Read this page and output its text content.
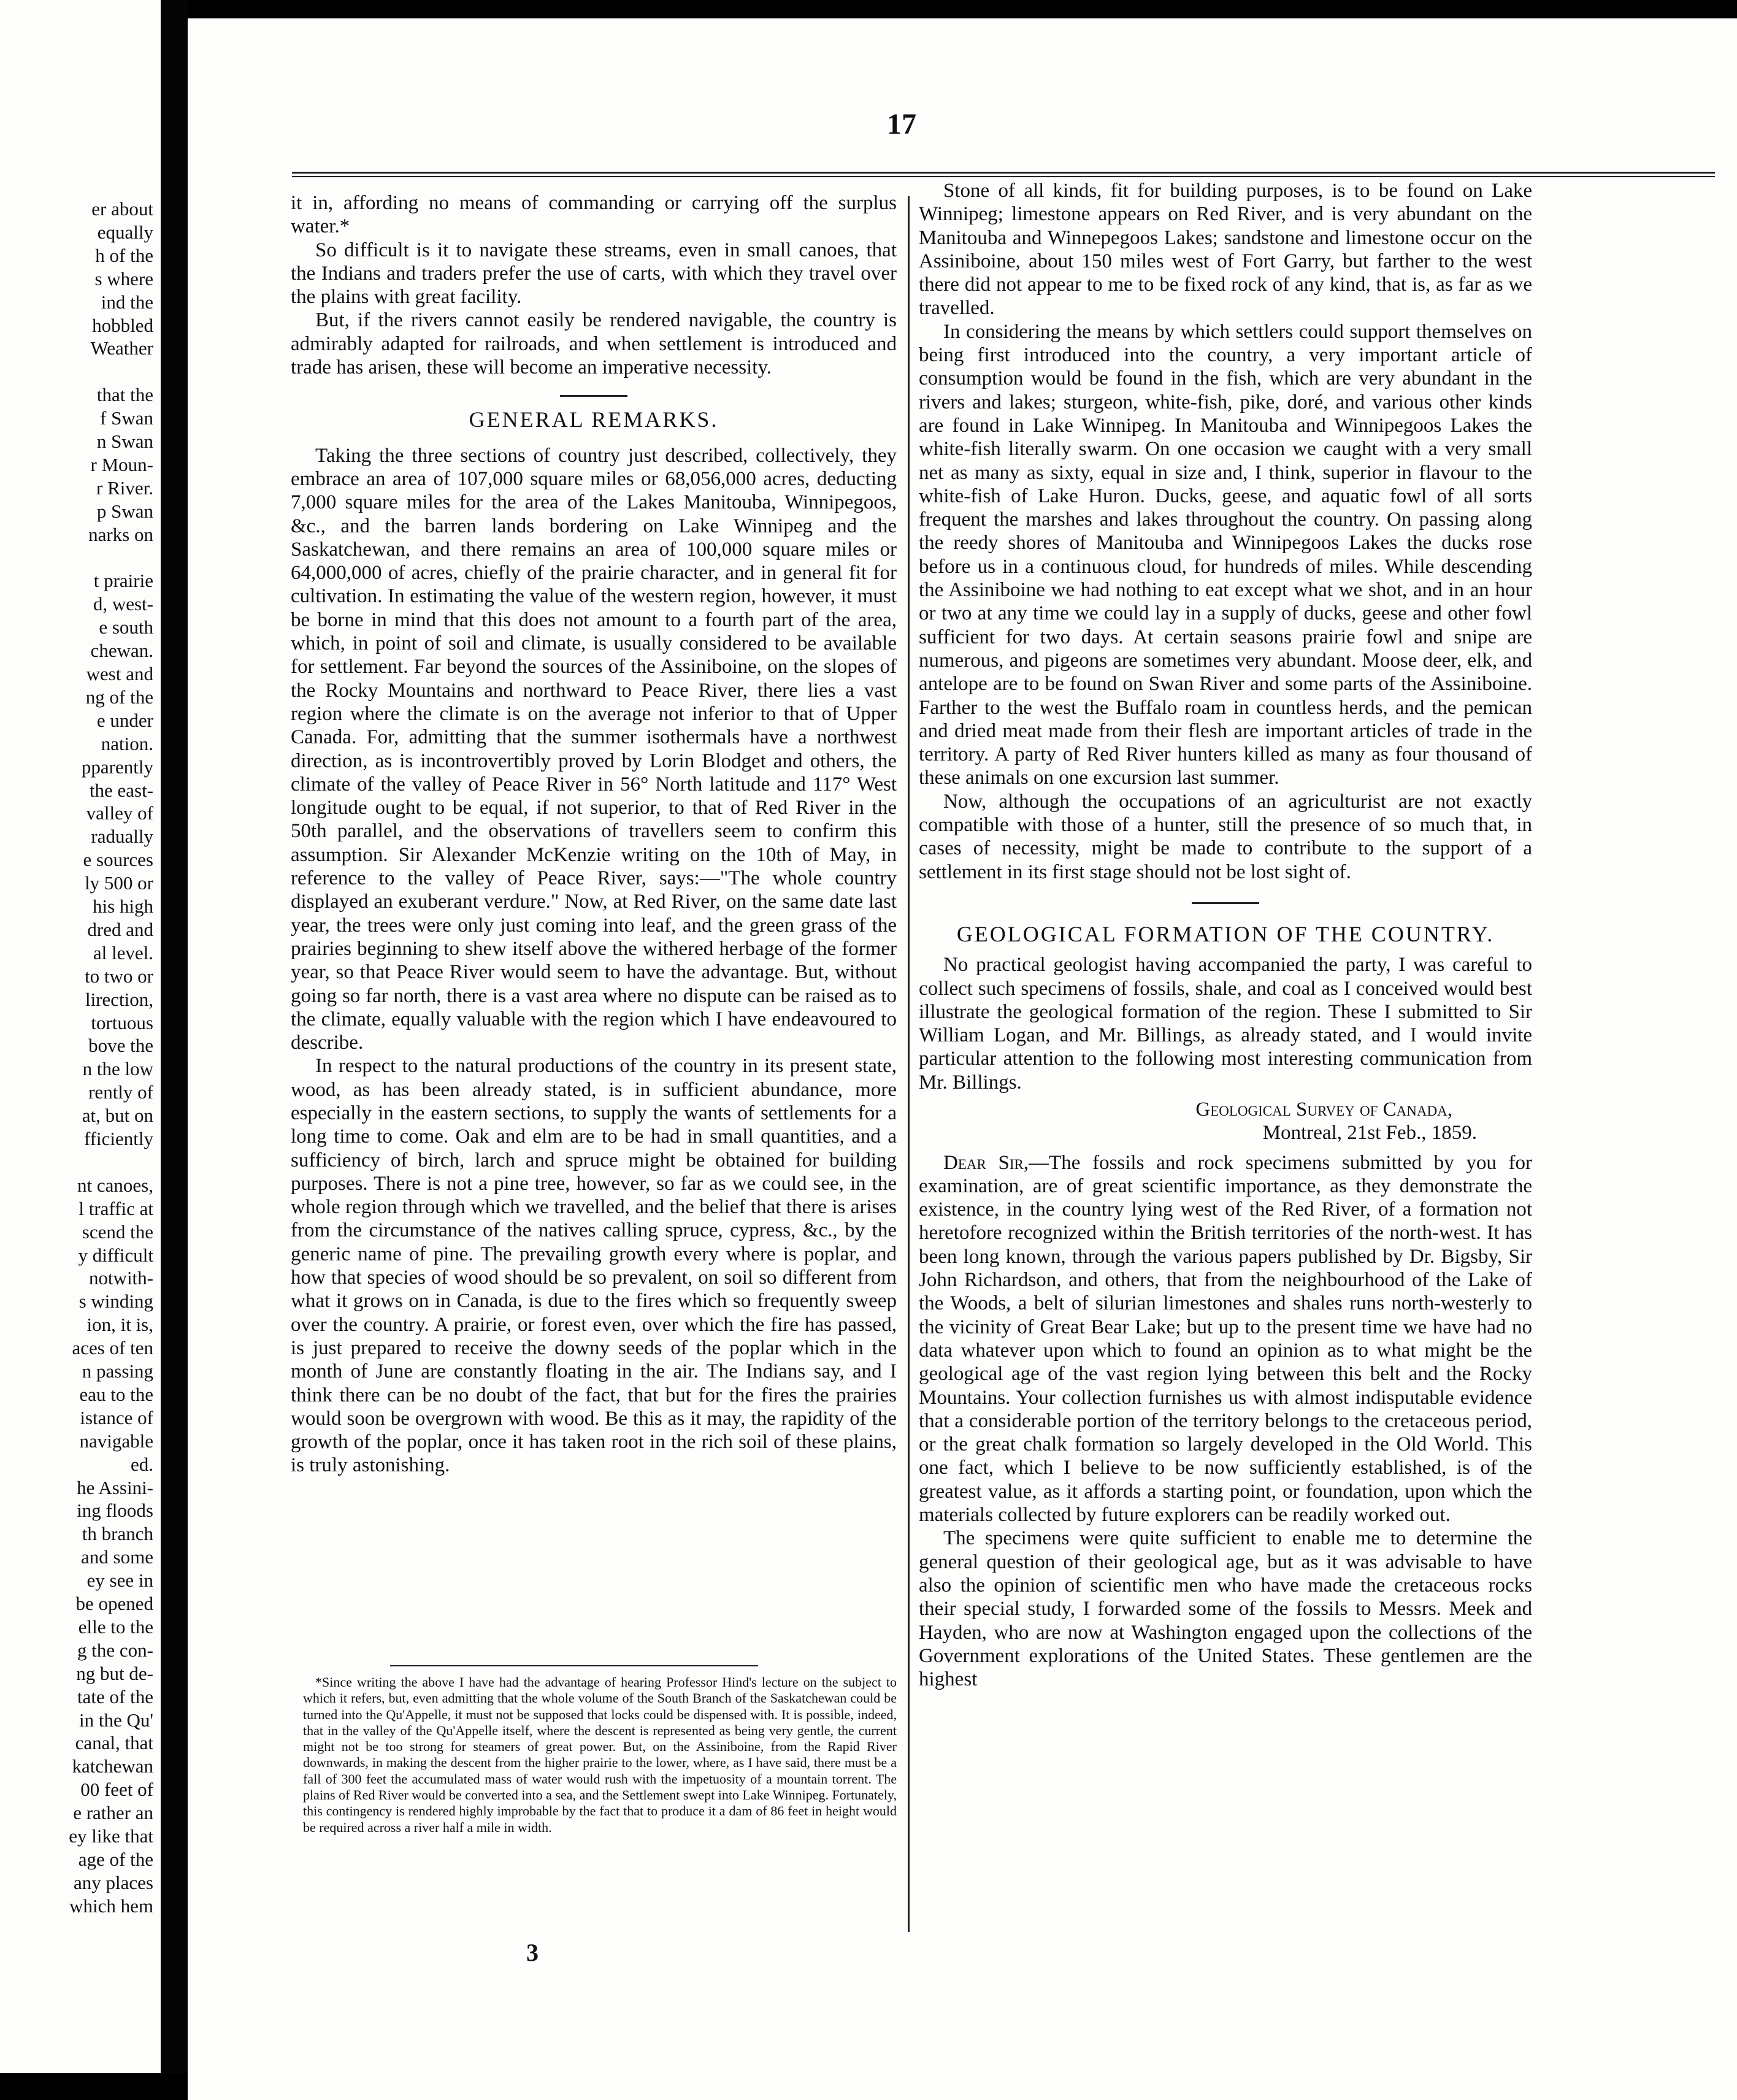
er about
equally
h of the
s where
ind the
hobbled
Weather
that the
f Swan
n Swan
r Moun-
r River.
p Swan
narks on
t prairie
d, west-
e south
chewan.
west and
ng of the
e under
nation.
pparently
the east-
valley of
radually
e sources
ly 500 or
his high
dred and
al level.
to two or
lirection,
tortuous
bove the
n the low
rently of
at, but on
fficiently
nt canoes,
l traffic at
scend the
y difficult
notwith-
s winding
ion, it is,
aces of ten
n passing
eau to the
istance of
navigable
ed.
he Assini-
ing floods
th branch
and some
ey see in
be opened
elle to the
g the con-
ng but de-
tate of the
in the Qu'
canal, that
katchewan
00 feet of
e rather an
ey like that
age of the
any places
which hem
17

it in, affording no means of commanding or carrying off the surplus water.*

So difficult is it to navigate these streams, even in small canoes, that the Indians and traders prefer the use of carts, with which they travel over the plains with great facility.

But, if the rivers cannot easily be rendered navigable, the country is admirably adapted for railroads, and when settlement is introduced and trade has arisen, these will become an imperative necessity.

GENERAL REMARKS.

Taking the three sections of country just described, collectively, they embrace an area of 107,000 square miles or 68,056,000 acres, deducting 7,000 square miles for the area of the Lakes Manitouba, Winnipegoos, &c., and the barren lands bordering on Lake Winnipeg and the Saskatchewan, and there remains an area of 100,000 square miles or 64,000,000 of acres, chiefly of the prairie character, and in general fit for cultivation. In estimating the value of the western region, however, it must be borne in mind that this does not amount to a fourth part of the area, which, in point of soil and climate, is usually considered to be available for settlement. Far beyond the sources of the Assiniboine, on the slopes of the Rocky Mountains and northward to Peace River, there lies a vast region where the climate is on the average not inferior to that of Upper Canada. For, admitting that the summer isothermals have a northwest direction, as is incontrovertibly proved by Lorin Blodget and others, the climate of the valley of Peace River in 56° North latitude and 117° West longitude ought to be equal, if not superior, to that of Red River in the 50th parallel, and the observations of travellers seem to confirm this assumption. Sir Alexander McKenzie writing on the 10th of May, in reference to the valley of Peace River, says:—"The whole country displayed an exuberant verdure." Now, at Red River, on the same date last year, the trees were only just coming into leaf, and the green grass of the prairies beginning to shew itself above the withered herbage of the former year, so that Peace River would seem to have the advantage. But, without going so far north, there is a vast area where no dispute can be raised as to the climate, equally valuable with the region which I have endeavoured to describe.

In respect to the natural productions of the country in its present state, wood, as has been already stated, is in sufficient abundance, more especially in the eastern sections, to supply the wants of settlements for a long time to come. Oak and elm are to be had in small quantities, and a sufficiency of birch, larch and spruce might be obtained for building purposes. There is not a pine tree, however, so far as we could see, in the whole region through which we travelled, and the belief that there is arises from the circumstance of the natives calling spruce, cypress, &c., by the generic name of pine. The prevailing growth every where is poplar, and how that species of wood should be so prevalent, on soil so different from what it grows on in Canada, is due to the fires which so frequently sweep over the country. A prairie, or forest even, over which the fire has passed, is just prepared to receive the downy seeds of the poplar which in the month of June are constantly floating in the air. The Indians say, and I think there can be no doubt of the fact, that but for the fires the prairies would soon be overgrown with wood. Be this as it may, the rapidity of the growth of the poplar, once it has taken root in the rich soil of these plains, is truly astonishing.

*Since writing the above I have had the advantage of hearing Professor Hind's lecture on the subject to which it refers, but, even admitting that the whole volume of the South Branch of the Saskatchewan could be turned into the Qu'Appelle, it must not be supposed that locks could be dispensed with. It is possible, indeed, that in the valley of the Qu'Appelle itself, where the descent is represented as being very gentle, the current might not be too strong for steamers of great power. But, on the Assiniboine, from the Rapid River downwards, in making the descent from the higher prairie to the lower, where, as I have said, there must be a fall of 300 feet the accumulated mass of water would rush with the impetuosity of a mountain torrent. The plains of Red River would be converted into a sea, and the Settlement swept into Lake Winnipeg. Fortunately, this contingency is rendered highly improbable by the fact that to produce it a dam of 86 feet in height would be required across a river half a mile in width.

3

Stone of all kinds, fit for building purposes, is to be found on Lake Winnipeg; limestone appears on Red River, and is very abundant on the Manitouba and Winnepegoos Lakes; sandstone and limestone occur on the Assiniboine, about 150 miles west of Fort Garry, but farther to the west there did not appear to me to be fixed rock of any kind, that is, as far as we travelled.

In considering the means by which settlers could support themselves on being first introduced into the country, a very important article of consumption would be found in the fish, which are very abundant in the rivers and lakes; sturgeon, white-fish, pike, doré, and various other kinds are found in Lake Winnipeg. In Manitouba and Winnipegoos Lakes the white-fish literally swarm. On one occasion we caught with a very small net as many as sixty, equal in size and, I think, superior in flavour to the white-fish of Lake Huron. Ducks, geese, and aquatic fowl of all sorts frequent the marshes and lakes throughout the country. On passing along the reedy shores of Manitouba and Winnipegoos Lakes the ducks rose before us in a continuous cloud, for hundreds of miles. While descending the Assiniboine we had nothing to eat except what we shot, and in an hour or two at any time we could lay in a supply of ducks, geese and other fowl sufficient for two days. At certain seasons prairie fowl and snipe are numerous, and pigeons are sometimes very abundant. Moose deer, elk, and antelope are to be found on Swan River and some parts of the Assiniboine. Farther to the west the Buffalo roam in countless herds, and the pemican and dried meat made from their flesh are important articles of trade in the territory. A party of Red River hunters killed as many as four thousand of these animals on one excursion last summer.

Now, although the occupations of an agriculturist are not exactly compatible with those of a hunter, still the presence of so much that, in cases of necessity, might be made to contribute to the support of a settlement in its first stage should not be lost sight of.

GEOLOGICAL FORMATION OF THE COUNTRY.

No practical geologist having accompanied the party, I was careful to collect such specimens of fossils, shale, and coal as I conceived would best illustrate the geological formation of the region. These I submitted to Sir William Logan, and Mr. Billings, as already stated, and I would invite particular attention to the following most interesting communication from Mr. Billings.

Geological Survey of Canada,
Montreal, 21st Feb., 1859.

Dear Sir,—The fossils and rock specimens submitted by you for examination, are of great scientific importance, as they demonstrate the existence, in the country lying west of the Red River, of a formation not heretofore recognized within the British territories of the north-west. It has been long known, through the various papers published by Dr. Bigsby, Sir John Richardson, and others, that from the neighbourhood of the Lake of the Woods, a belt of silurian limestones and shales runs north-westerly to the vicinity of Great Bear Lake; but up to the present time we have had no data whatever upon which to found an opinion as to what might be the geological age of the vast region lying between this belt and the Rocky Mountains. Your collection furnishes us with almost indisputable evidence that a considerable portion of the territory belongs to the cretaceous period, or the great chalk formation so largely developed in the Old World. This one fact, which I believe to be now sufficiently established, is of the greatest value, as it affords a starting point, or foundation, upon which the materials collected by future explorers can be readily worked out.

The specimens were quite sufficient to enable me to determine the general question of their geological age, but as it was advisable to have also the opinion of scientific men who have made the cretaceous rocks their special study, I forwarded some of the fossils to Messrs. Meek and Hayden, who are now at Washington engaged upon the collections of the Government explorations of the United States. These gentlemen are the highest
